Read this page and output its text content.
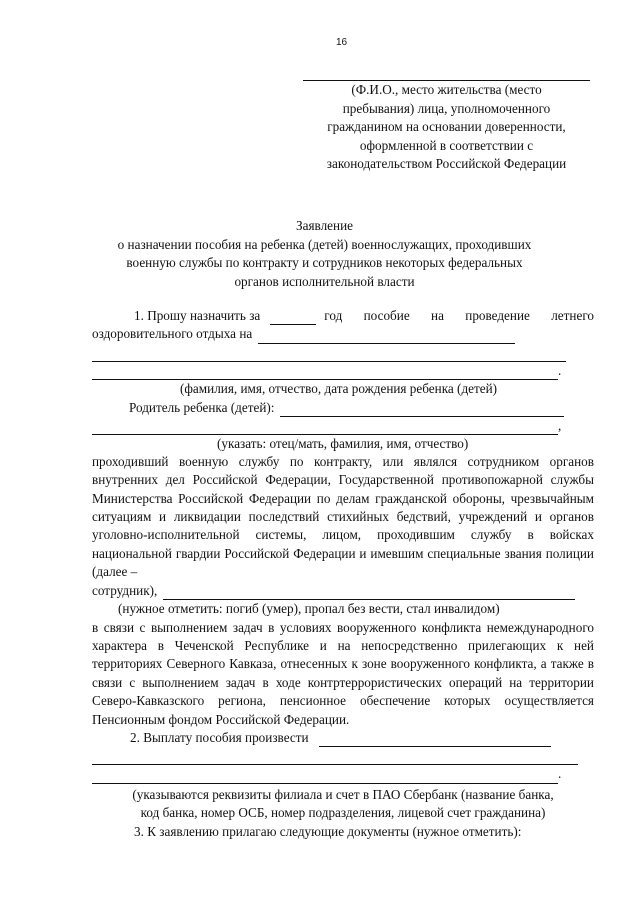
16
(Ф.И.О., место жительства (место
пребывания) лица, уполномоченного
гражданином на основании доверенности,
оформленной в соответствии с
законодательством Российской Федерации
Заявление
о назначении пособия на ребенка (детей) военнослужащих, проходивших
военную службы по контракту и сотрудников некоторых федеральных
органов исполнительной власти
1. Прошу назначить за	год пособие на проведение летнего
оздоровительного отдыха на
.
(фамилия, имя, отчество, дата рождения ребенка (детей)
Родитель ребенка (детей):
,
(указать: отец/мать, фамилия, имя, отчество)
проходивший военную службу по контракту, или являлся сотрудником органов внутренних дел Российской Федерации, Государственной противопожарной службы Министерства Российской Федерации по делам гражданской обороны, чрезвычайным ситуациям и ликвидации последствий стихийных бедствий, учреждений и органов уголовно-исполнительной системы, лицом, проходившим службу в войсках национальной гвардии Российской Федерации и имевшим специальные звания полиции (далее –
сотрудник),
(нужное отметить: погиб (умер), пропал без вести, стал инвалидом)
в связи с выполнением задач в условиях вооруженного конфликта немеждународного характера в Чеченской Республике и на непосредственно прилегающих к ней территориях Северного Кавказа, отнесенных к зоне вооруженного конфликта, а также в связи с выполнением задач в ходе контртеррористических операций на территории Северо-Кавказского региона, пенсионное обеспечение которых осуществляется Пенсионным фондом Российской Федерации.
2. Выплату пособия произвести
.
(указываются реквизиты филиала и счет в ПАО Сбербанк (название банка,
код банка, номер ОСБ, номер подразделения, лицевой счет гражданина)
3. К заявлению прилагаю следующие документы (нужное отметить):
